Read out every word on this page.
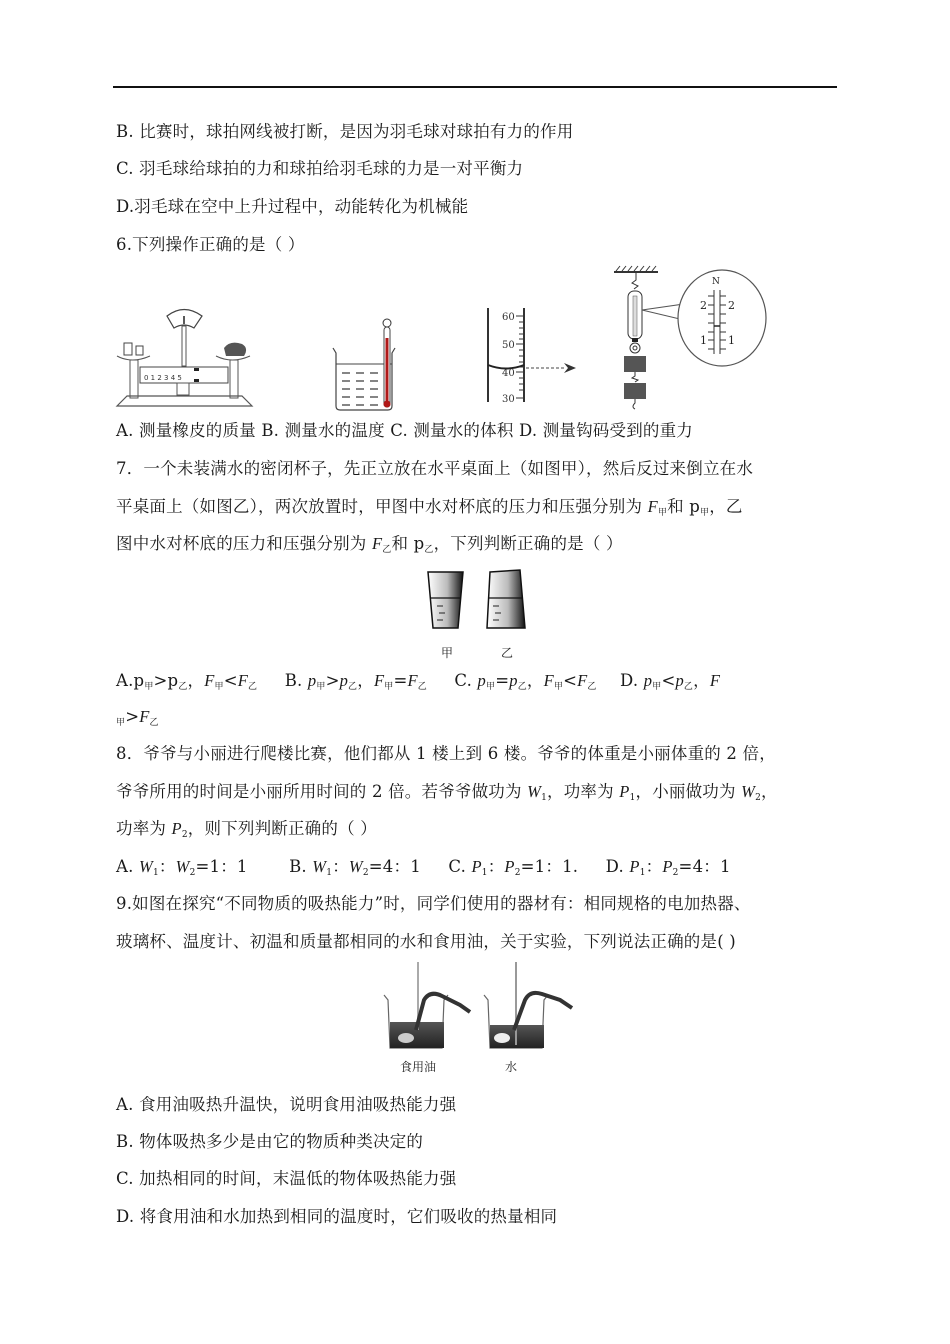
B. 比赛时，球拍网线被打断，是因为羽毛球对球拍有力的作用
C. 羽毛球给球拍的力和球拍给羽毛球的力是一对平衡力
D.羽毛球在空中上升过程中，动能转化为机械能
6.下列操作正确的是（ ）
0 1 2 3 4 5
60
50
40
30
N
2 2
1 1
A. 测量橡皮的质量 B. 测量水的温度 C. 测量水的体积 D. 测量钩码受到的重力
7．一个未装满水的密闭杯子，先正立放在水平桌面上（如图甲），然后反过来倒立在水
平桌面上（如图乙），两次放置时，甲图中水对杯底的压力和压强分别为 $F_甲$和 $p_甲$，乙
图中水对杯底的压力和压强分别为 $F_乙$和 $p_乙$，下列判断正确的是（ ）
甲	乙
$A.p_甲>p_乙$，$F_甲<F_乙$ B. $p_甲>p_乙$，$F_甲=F_乙$ C. $p_甲=p_乙$，$F_甲<F_乙$ D. $p_甲<p_乙$，F
$_甲>F_乙$
8．爷爷与小丽进行爬楼比赛，他们都从 1 楼上到 6 楼。爷爷的体重是小丽体重的 2 倍，
爷爷所用的时间是小丽所用时间的 2 倍。若爷爷做功为 $W_1$，功率为 $P_1$，小丽做功为 $W_2$，
功率为 $P_2$，则下列判断正确的（ ）
A. $W_1$：$W_2=1$：1	B. $W_1$：$W_2=4$：1 C. $P_1$：$P_2=1$：1. D. $P_1$：$P_2=4$：1
9.如图在探究“不同物质的吸热能力”时，同学们使用的器材有：相同规格的电加热器、
玻璃杯、温度计、初温和质量都相同的水和食用油，关于实验，下列说法正确的是( )
食用油	水
A. 食用油吸热升温快，说明食用油吸热能力强
B. 物体吸热多少是由它的物质种类决定的
C. 加热相同的时间，末温低的物体吸热能力强
D. 将食用油和水加热到相同的温度时，它们吸收的热量相同
